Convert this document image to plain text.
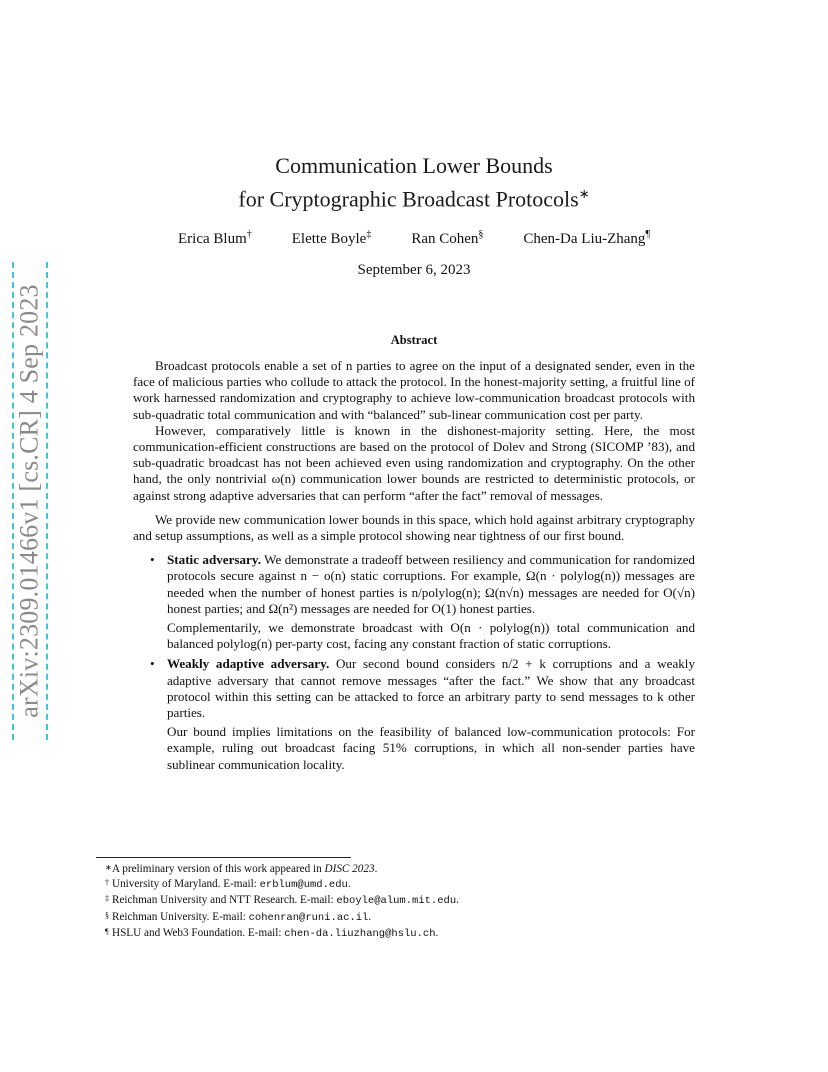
arXiv:2309.01466v1 [cs.CR] 4 Sep 2023
Communication Lower Bounds
for Cryptographic Broadcast Protocols∗
Erica Blum†	Elette Boyle‡	Ran Cohen§	Chen-Da Liu-Zhang¶
September 6, 2023
Abstract

Broadcast protocols enable a set of n parties to agree on the input of a designated sender, even in the face of malicious parties who collude to attack the protocol. In the honest-majority setting, a fruitful line of work harnessed randomization and cryptography to achieve low-communication broadcast protocols with sub-quadratic total communication and with “balanced” sub-linear communication cost per party.

However, comparatively little is known in the dishonest-majority setting. Here, the most communication-efficient constructions are based on the protocol of Dolev and Strong (SICOMP ’83), and sub-quadratic broadcast has not been achieved even using randomization and cryptography. On the other hand, the only nontrivial ω(n) communication lower bounds are restricted to deterministic protocols, or against strong adaptive adversaries that can perform “after the fact” removal of messages.

We provide new communication lower bounds in this space, which hold against arbitrary cryptography and setup assumptions, as well as a simple protocol showing near tightness of our first bound.

• Static adversary. We demonstrate a tradeoff between resiliency and communication for randomized protocols secure against n − o(n) static corruptions. For example, Ω(n · polylog(n)) messages are needed when the number of honest parties is n/polylog(n); Ω(n√n) messages are needed for O(√n) honest parties; and Ω(n²) messages are needed for O(1) honest parties.

Complementarily, we demonstrate broadcast with O(n · polylog(n)) total communication and balanced polylog(n) per-party cost, facing any constant fraction of static corruptions.

• Weakly adaptive adversary. Our second bound considers n/2 + k corruptions and a weakly adaptive adversary that cannot remove messages “after the fact.” We show that any broadcast protocol within this setting can be attacked to force an arbitrary party to send messages to k other parties.

Our bound implies limitations on the feasibility of balanced low-communication protocols: For example, ruling out broadcast facing 51% corruptions, in which all non-sender parties have sublinear communication locality.

∗ A preliminary version of this work appeared in DISC 2023.
† University of Maryland. E-mail: erblum@umd.edu.
‡ Reichman University and NTT Research. E-mail: eboyle@alum.mit.edu.
§ Reichman University. E-mail: cohenran@runi.ac.il.
¶ HSLU and Web3 Foundation. E-mail: chen-da.liuzhang@hslu.ch.
